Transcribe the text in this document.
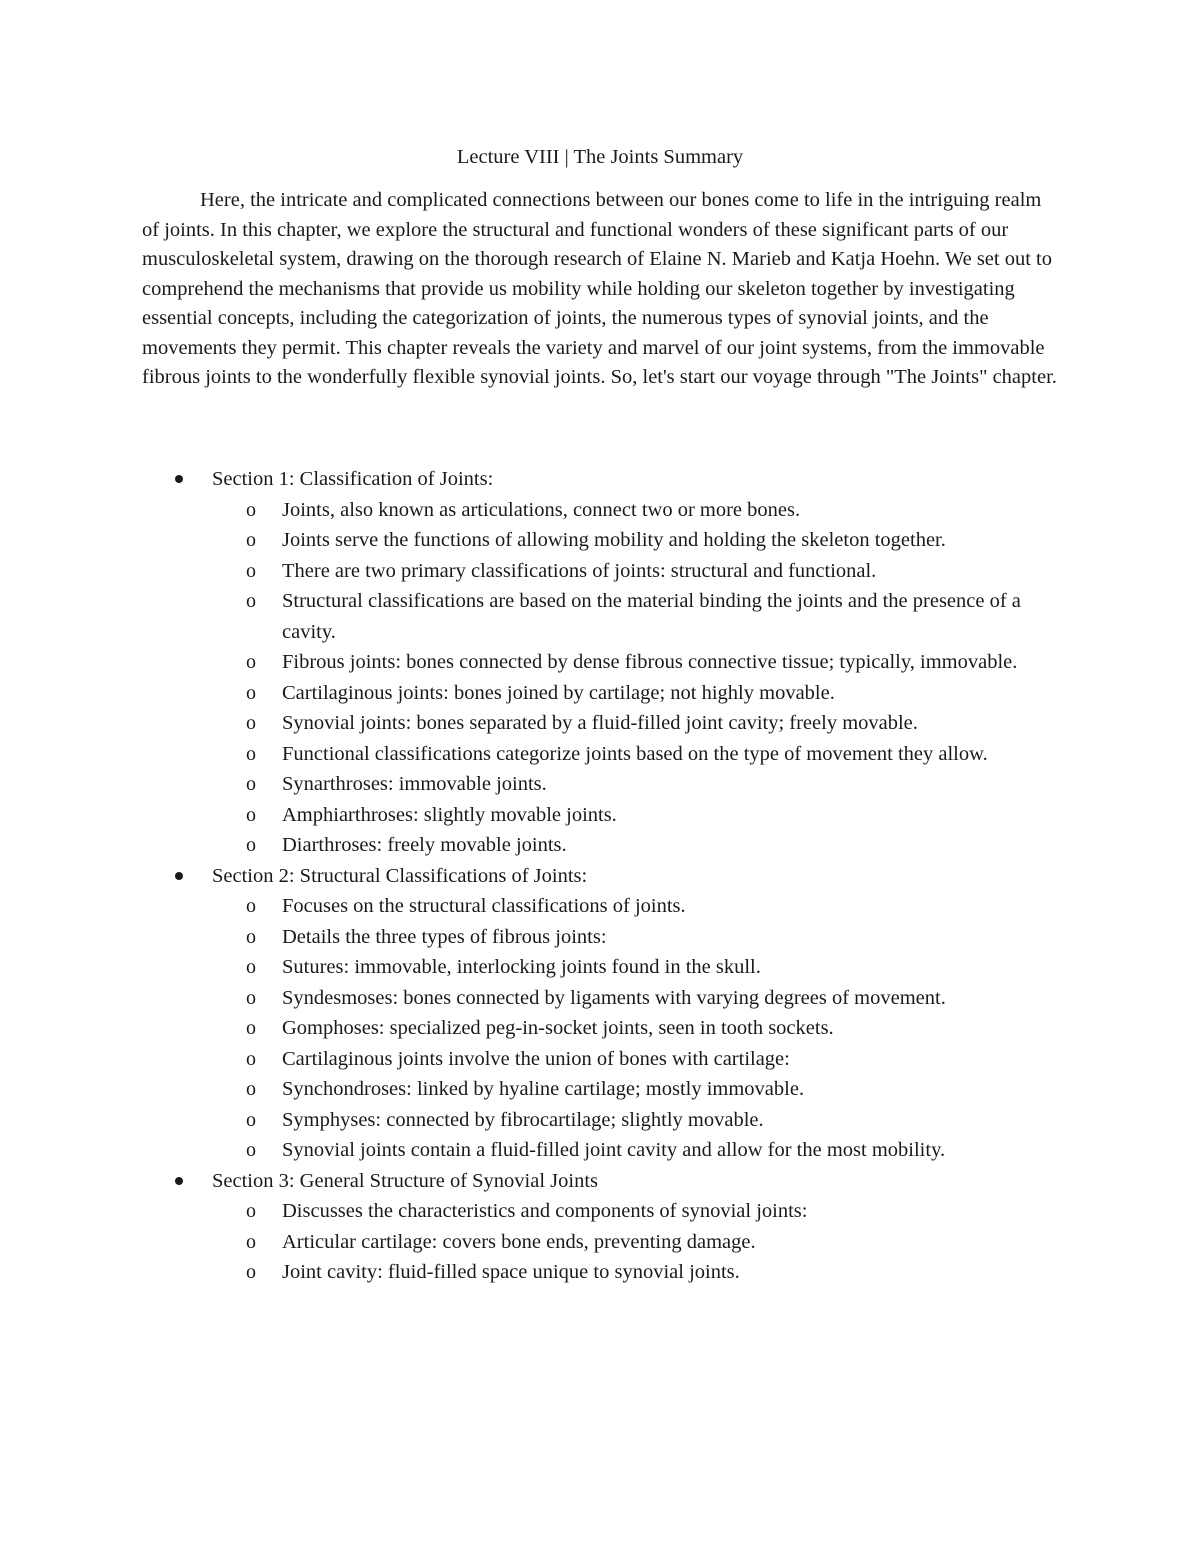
Lecture VIII | The Joints Summary

Here, the intricate and complicated connections between our bones come to life in the intriguing realm of joints. In this chapter, we explore the structural and functional wonders of these significant parts of our musculoskeletal system, drawing on the thorough research of Elaine N. Marieb and Katja Hoehn. We set out to comprehend the mechanisms that provide us mobility while holding our skeleton together by investigating essential concepts, including the categorization of joints, the numerous types of synovial joints, and the movements they permit. This chapter reveals the variety and marvel of our joint systems, from the immovable fibrous joints to the wonderfully flexible synovial joints. So, let's start our voyage through "The Joints" chapter.

Section 1: Classification of Joints:
o Joints, also known as articulations, connect two or more bones.
o Joints serve the functions of allowing mobility and holding the skeleton together.
o There are two primary classifications of joints: structural and functional.
o Structural classifications are based on the material binding the joints and the presence of a cavity.
o Fibrous joints: bones connected by dense fibrous connective tissue; typically, immovable.
o Cartilaginous joints: bones joined by cartilage; not highly movable.
o Synovial joints: bones separated by a fluid-filled joint cavity; freely movable.
o Functional classifications categorize joints based on the type of movement they allow.
o Synarthroses: immovable joints.
o Amphiarthroses: slightly movable joints.
o Diarthroses: freely movable joints.
Section 2: Structural Classifications of Joints:
o Focuses on the structural classifications of joints.
o Details the three types of fibrous joints:
o Sutures: immovable, interlocking joints found in the skull.
o Syndesmoses: bones connected by ligaments with varying degrees of movement.
o Gomphoses: specialized peg-in-socket joints, seen in tooth sockets.
o Cartilaginous joints involve the union of bones with cartilage:
o Synchondroses: linked by hyaline cartilage; mostly immovable.
o Symphyses: connected by fibrocartilage; slightly movable.
o Synovial joints contain a fluid-filled joint cavity and allow for the most mobility.
Section 3: General Structure of Synovial Joints
o Discusses the characteristics and components of synovial joints:
o Articular cartilage: covers bone ends, preventing damage.
o Joint cavity: fluid-filled space unique to synovial joints.
